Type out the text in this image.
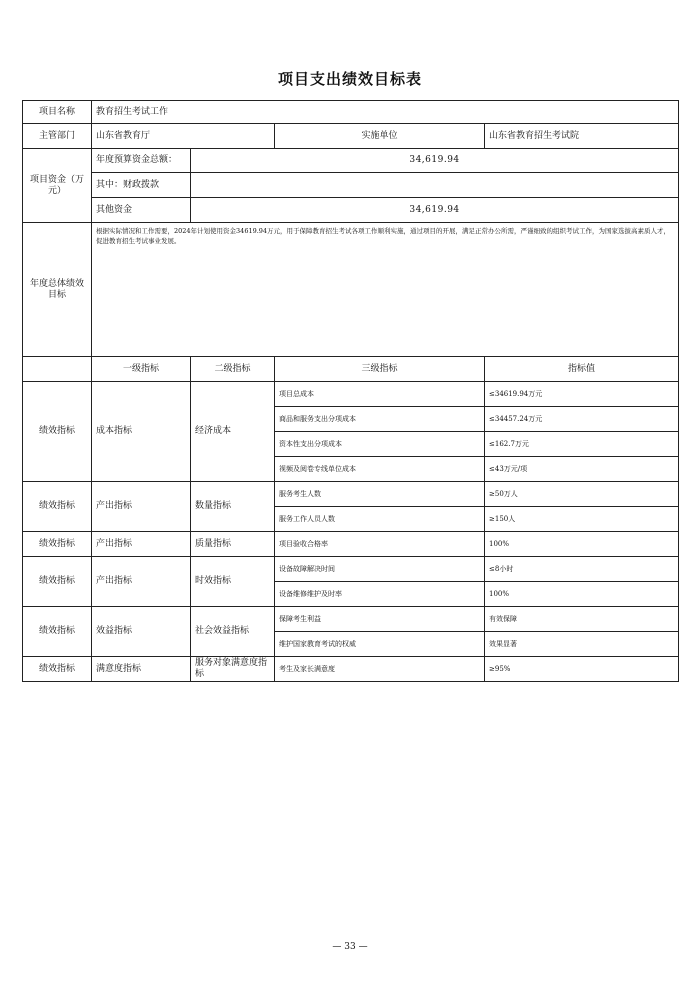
项目支出绩效目标表
项目名称	教育招生考试工作			
主管部门	山东省教育厅		实施单位	山东省教育招生考试院
项目资金（万元）	年度预算资金总额：	34,619.94		
	其中：财政拨款			
	其他资金	34,619.94		
年度总体绩效目标	根据实际情况和工作需要，2024年计划使用资金34619.94万元，用于保障教育招生考试各项工作顺利实施，通过项目的开展，满足正常办公所需，严谨细致的组织考试工作，为国家选拔高素质人才，促进教育招生考试事业发展。			
	一级指标	二级指标	三级指标	指标值
绩效指标	成本指标	经济成本	项目总成本	≤34619.94万元
			商品和服务支出分项成本	≤34457.24万元
			资本性支出分项成本	≤162.7万元
			视频及阅卷专线单位成本	≤43万元/项
绩效指标	产出指标	数量指标	服务考生人数	≥50万人
			服务工作人员人数	≥150人
绩效指标	产出指标	质量指标	项目验收合格率	100%
绩效指标	产出指标	时效指标	设备故障解决时间	≤8小时
			设备维修维护及时率	100%
绩效指标	效益指标	社会效益指标	保障考生利益	有效保障
			维护国家教育考试的权威	效果显著
绩效指标	满意度指标	服务对象满意度指标	考生及家长满意度	≥95%
— 33 —
